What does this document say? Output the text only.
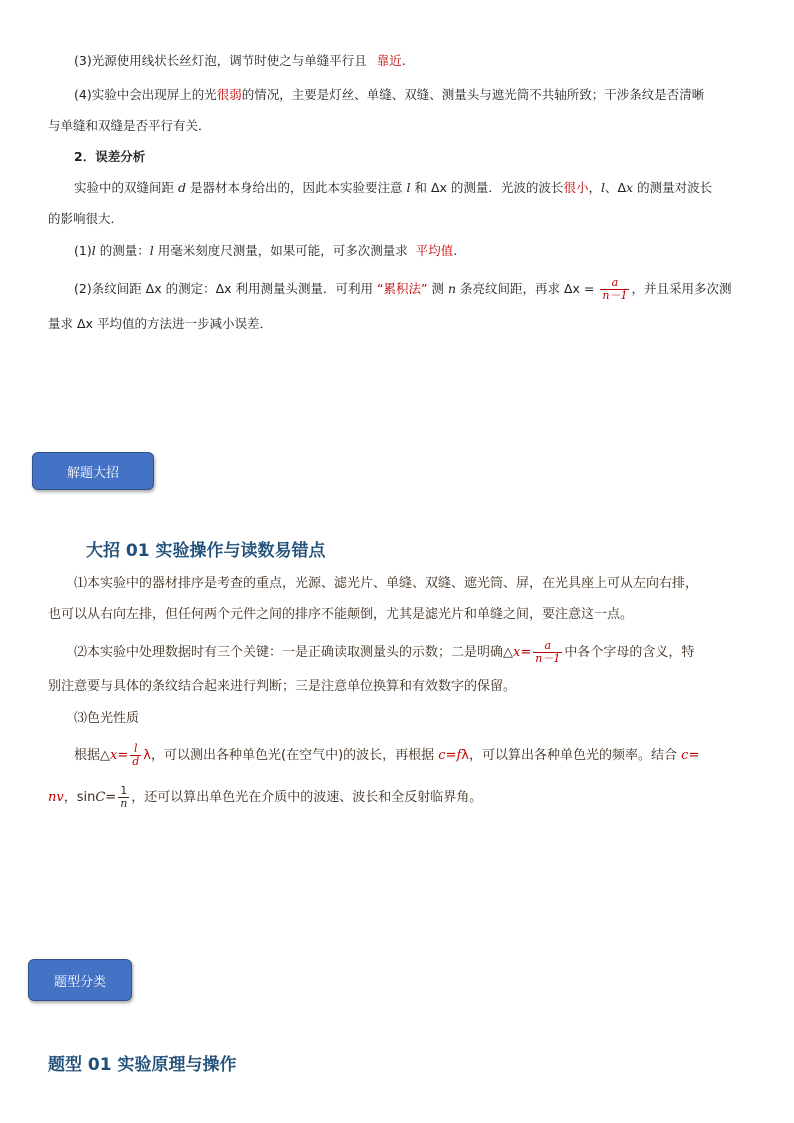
(3)光源使用线状长丝灯泡，调节时使之与单缝平行且 靠近.
(4)实验中会出现屏上的光很弱的情况，主要是灯丝、单缝、双缝、测量头与遮光筒不共轴所致；干涉条纹是否清晰
与单缝和双缝是否平行有关．
2．误差分析
实验中的双缝间距 d 是器材本身给出的，因此本实验要注意 l 和 Δx 的测量．光波的波长很小，l、Δx 的测量对波长
的影响很大．
(1)l 的测量：l 用毫米刻度尺测量，如果可能，可多次测量求 平均值.
(2)条纹间距 Δx 的测定：Δx 利用测量头测量．可利用 “累积法” 测 n 条亮纹间距，再求 $\Delta x = \frac{a}{n-1}$ ，并且采用多次测
量求 Δx 平均值的方法进一步减小误差．
解题大招
大招 01 实验操作与读数易错点
⑴本实验中的器材排序是考查的重点，光源、滤光片、单缝、双缝、遮光筒、屏，在光具座上可从左向右排，
也可以从右向左排，但任何两个元件之间的排序不能颠倒，尤其是滤光片和单缝之间，要注意这一点。
⑵本实验中处理数据时有三个关键：一是正确读取测量头的示数；二是明确△x= $\frac{a}{n-1}$ 中各个字母的含义，特
别注意要与具体的条纹结合起来进行判断；三是注意单位换算和有效数字的保留。
⑶色光性质
根据△x= $\frac{l}{d}$ λ，可以测出各种单色光(在空气中)的波长，再根据 c=fλ，可以算出各种单色光的频率。结合 c=
nv，$\sin C= \frac{1}{n}$ ，还可以算出单色光在介质中的波速、波长和全反射临界角。
题型分类
题型 01 实验原理与操作
